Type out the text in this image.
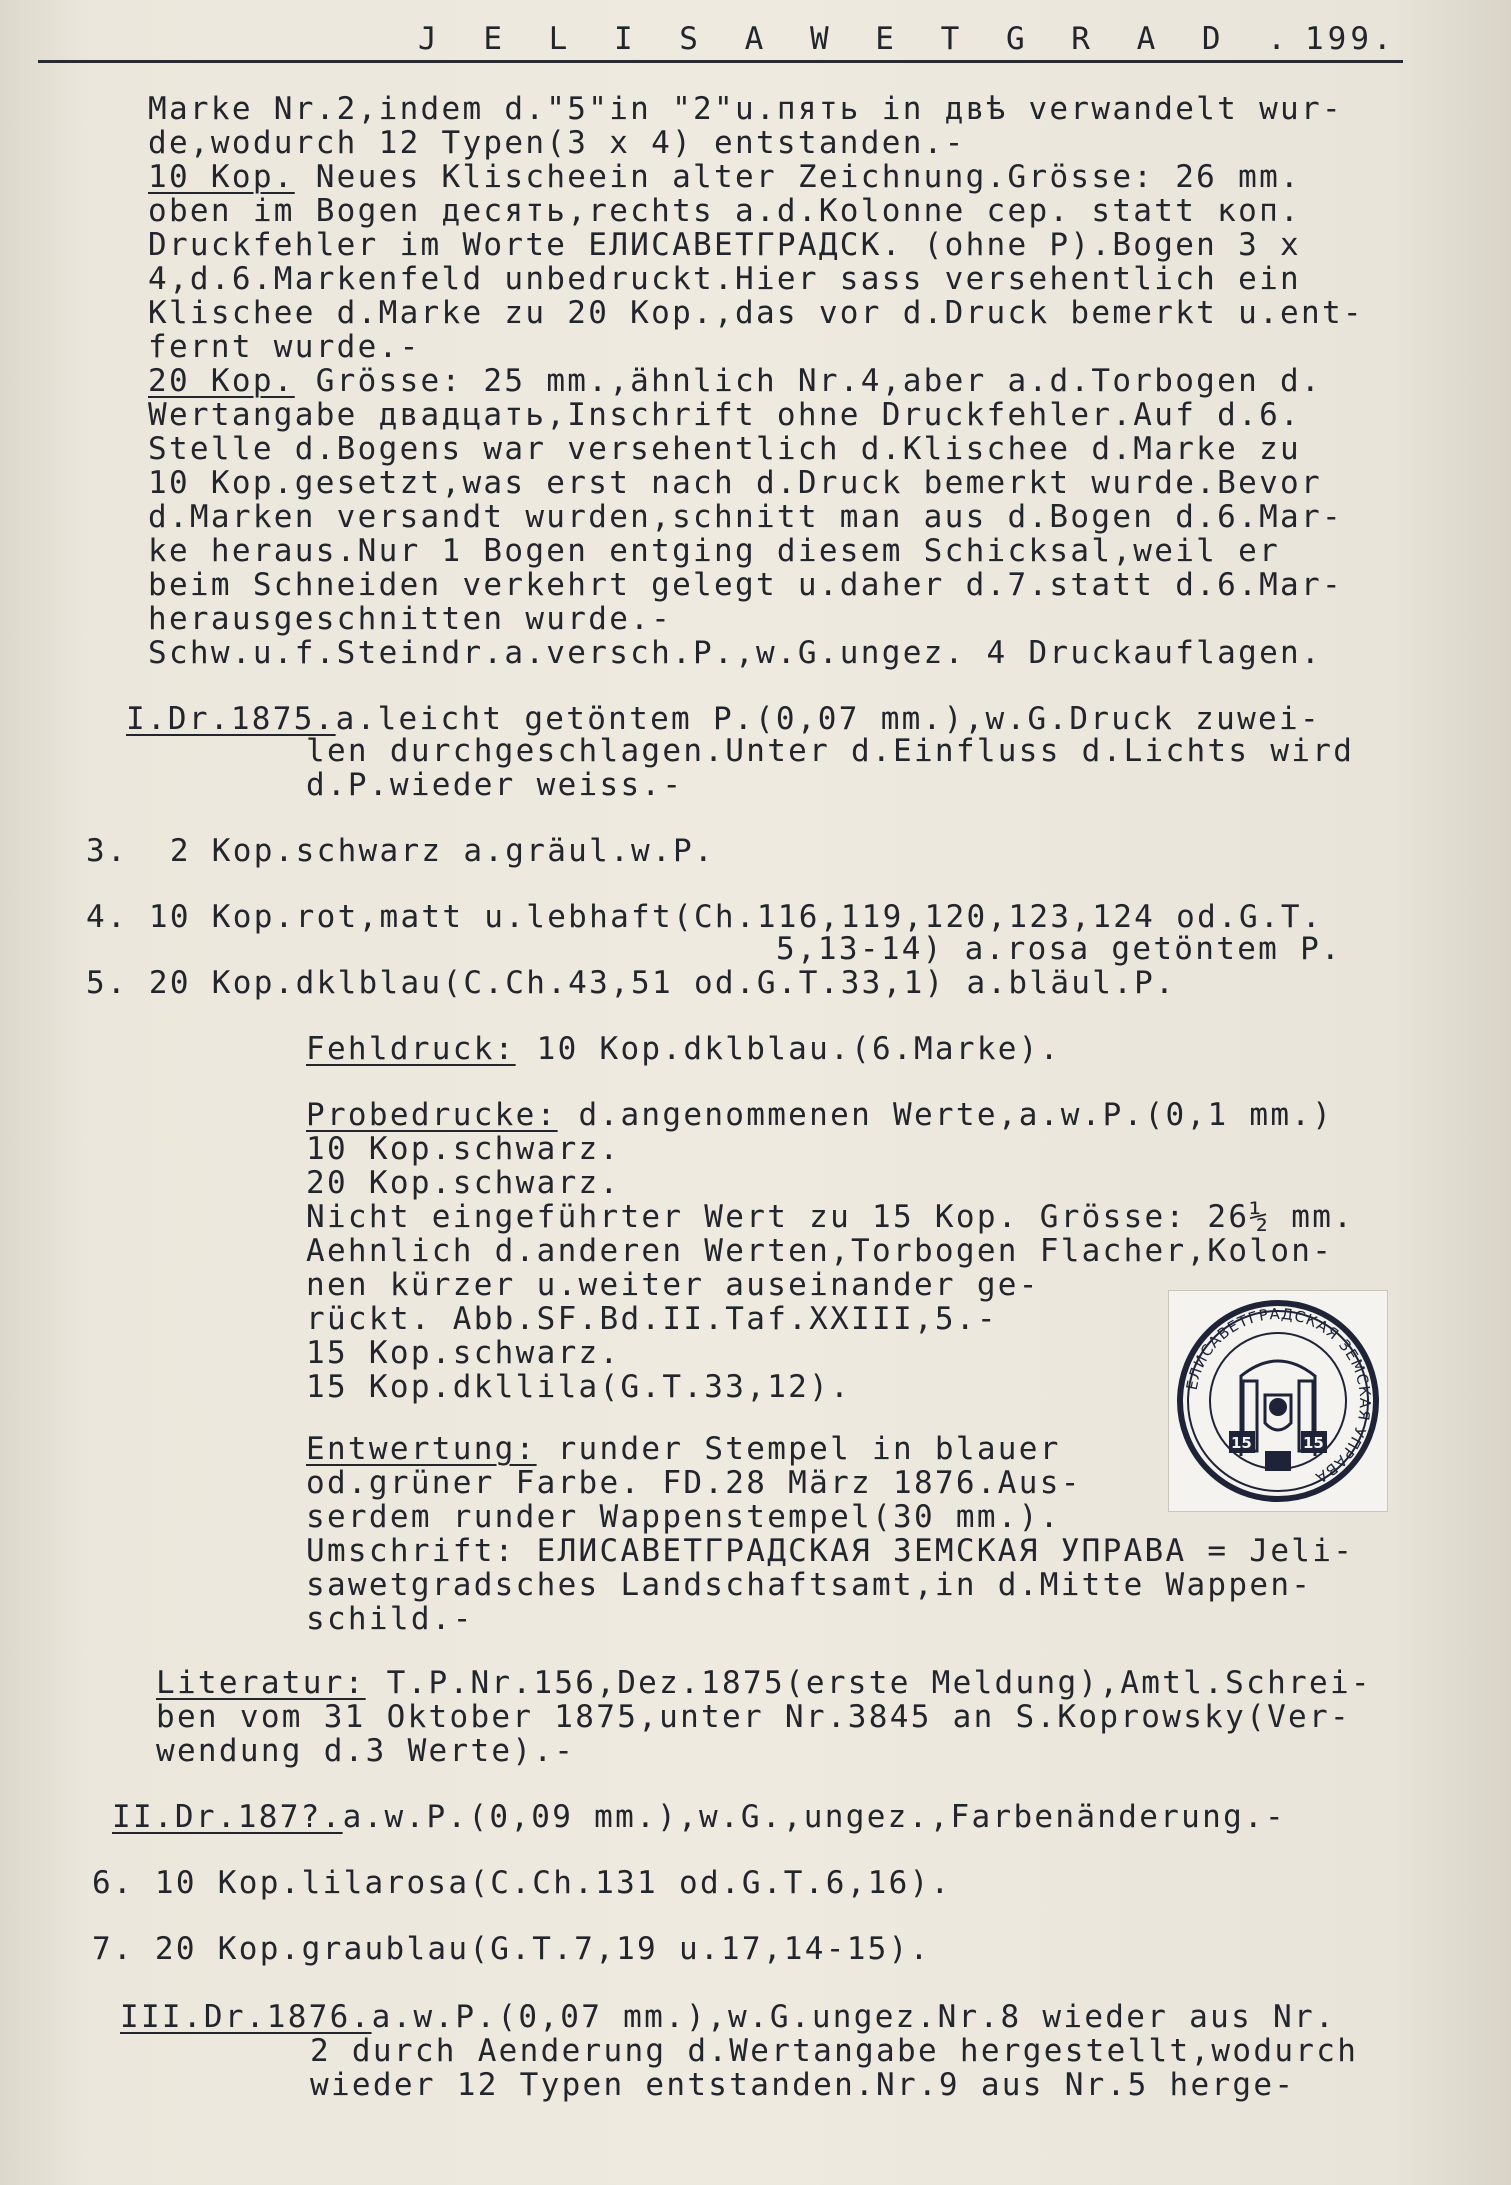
J E L I S A W E T G R A D . 199.
Marke Nr.2,indem d."5"in "2"u.пять in двѣ verwandelt wur-
de,wodurch 12 Typen(3 x 4) entstanden.-
10 Kop. Neues Klischeein alter Zeichnung.Grösse: 26 mm.
oben im Bogen десять,rechts a.d.Kolonne cep. statt коп.
Druckfehler im Worte ЕЛИСАВЕТГРАДСК. (ohne P).Bogen 3 x
4,d.6.Markenfeld unbedruckt.Hier sass versehentlich ein
Klischee d.Marke zu 20 Kop.,das vor d.Druck bemerkt u.ent-
fernt wurde.-
20 Kop. Grösse: 25 mm.,ähnlich Nr.4,aber a.d.Torbogen d.
Wertangabe двадцать,Inschrift ohne Druckfehler.Auf d.6.
Stelle d.Bogens war versehentlich d.Klischee d.Marke zu
10 Kop.gesetzt,was erst nach d.Druck bemerkt wurde.Bevor
d.Marken versandt wurden,schnitt man aus d.Bogen d.6.Mar-
ke heraus.Nur 1 Bogen entging diesem Schicksal,weil er
beim Schneiden verkehrt gelegt u.daher d.7.statt d.6.Mar-
herausgeschnitten wurde.-
Schw.u.f.Steindr.a.versch.P.,w.G.ungez. 4 Druckauflagen.
I.Dr.1875.a.leicht getöntem P.(0,07 mm.),w.G.Druck zuwei-
len durchgeschlagen.Unter d.Einfluss d.Lichts wird
d.P.wieder weiss.-
3.  2 Kop.schwarz a.gräul.w.P.
4. 10 Kop.rot,matt u.lebhaft(Ch.116,119,120,123,124 od.G.T.
5,13-14) a.rosa getöntem P.
5. 20 Kop.dklblau(C.Ch.43,51 od.G.T.33,1) a.bläul.P.
Fehldruck: 10 Kop.dklblau.(6.Marke).
Probedrucke: d.angenommenen Werte,a.w.P.(0,1 mm.)
10 Kop.schwarz.
20 Kop.schwarz.
Nicht eingeführter Wert zu 15 Kop. Grösse: 26½ mm.
Aehnlich d.anderen Werten,Torbogen Flacher,Kolon-
nen kürzer u.weiter auseinander ge-
rückt. Abb.SF.Bd.II.Taf.XXIII,5.-
15 Kop.schwarz.
15 Kop.dkllila(G.T.33,12).	ЕЛИСАВЕТГРАДСКАЯ ЗЕМСКАЯ УПРАВА
15	15
Entwertung: runder Stempel in blauer
od.grüner Farbe. FD.28 März 1876.Aus-
serdem runder Wappenstempel(30 mm.).
Umschrift: ЕЛИСАВЕТГРАДСКАЯ ЗЕМСКАЯ УПРАВА = Jeli-
sawetgradsches Landschaftsamt,in d.Mitte Wappen-
schild.-
Literatur: T.P.Nr.156,Dez.1875(erste Meldung),Amtl.Schrei-
ben vom 31 Oktober 1875,unter Nr.3845 an S.Koprowsky(Ver-
wendung d.3 Werte).-
II.Dr.187?.a.w.P.(0,09 mm.),w.G.,ungez.,Farbenänderung.-
6. 10 Kop.lilarosa(C.Ch.131 od.G.T.6,16).
7. 20 Kop.graublau(G.T.7,19 u.17,14-15).
III.Dr.1876.a.w.P.(0,07 mm.),w.G.ungez.Nr.8 wieder aus Nr.
2 durch Aenderung d.Wertangabe hergestellt,wodurch
wieder 12 Typen entstanden.Nr.9 aus Nr.5 herge-
